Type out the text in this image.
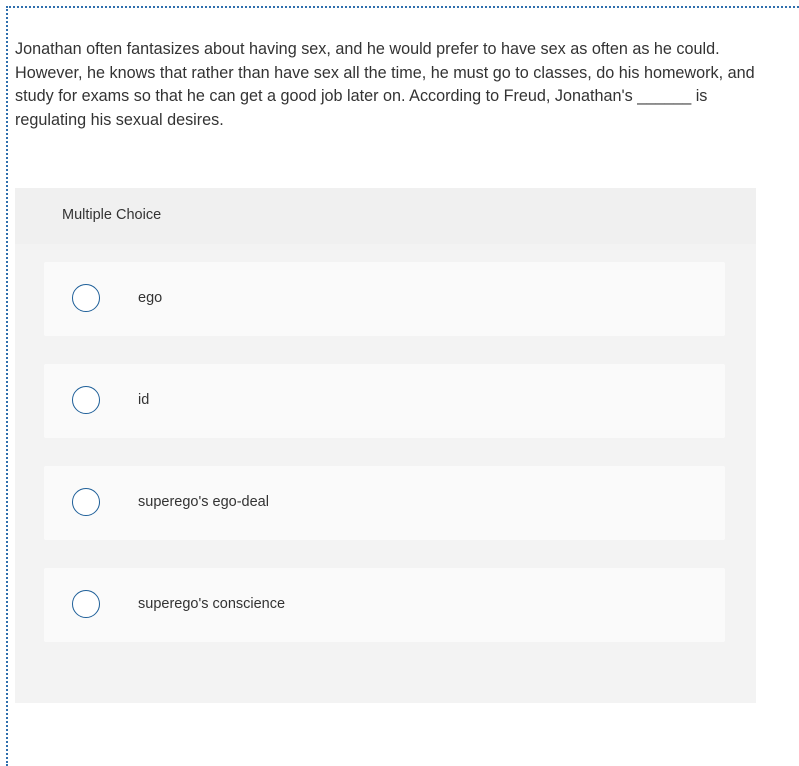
Jonathan often fantasizes about having sex, and he would prefer to have sex as often as he could. However, he knows that rather than have sex all the time, he must go to classes, do his homework, and study for exams so that he can get a good job later on. According to Freud, Jonathan's ______ is regulating his sexual desires.

Multiple Choice
ego
id
superego's ego-deal
superego's conscience
